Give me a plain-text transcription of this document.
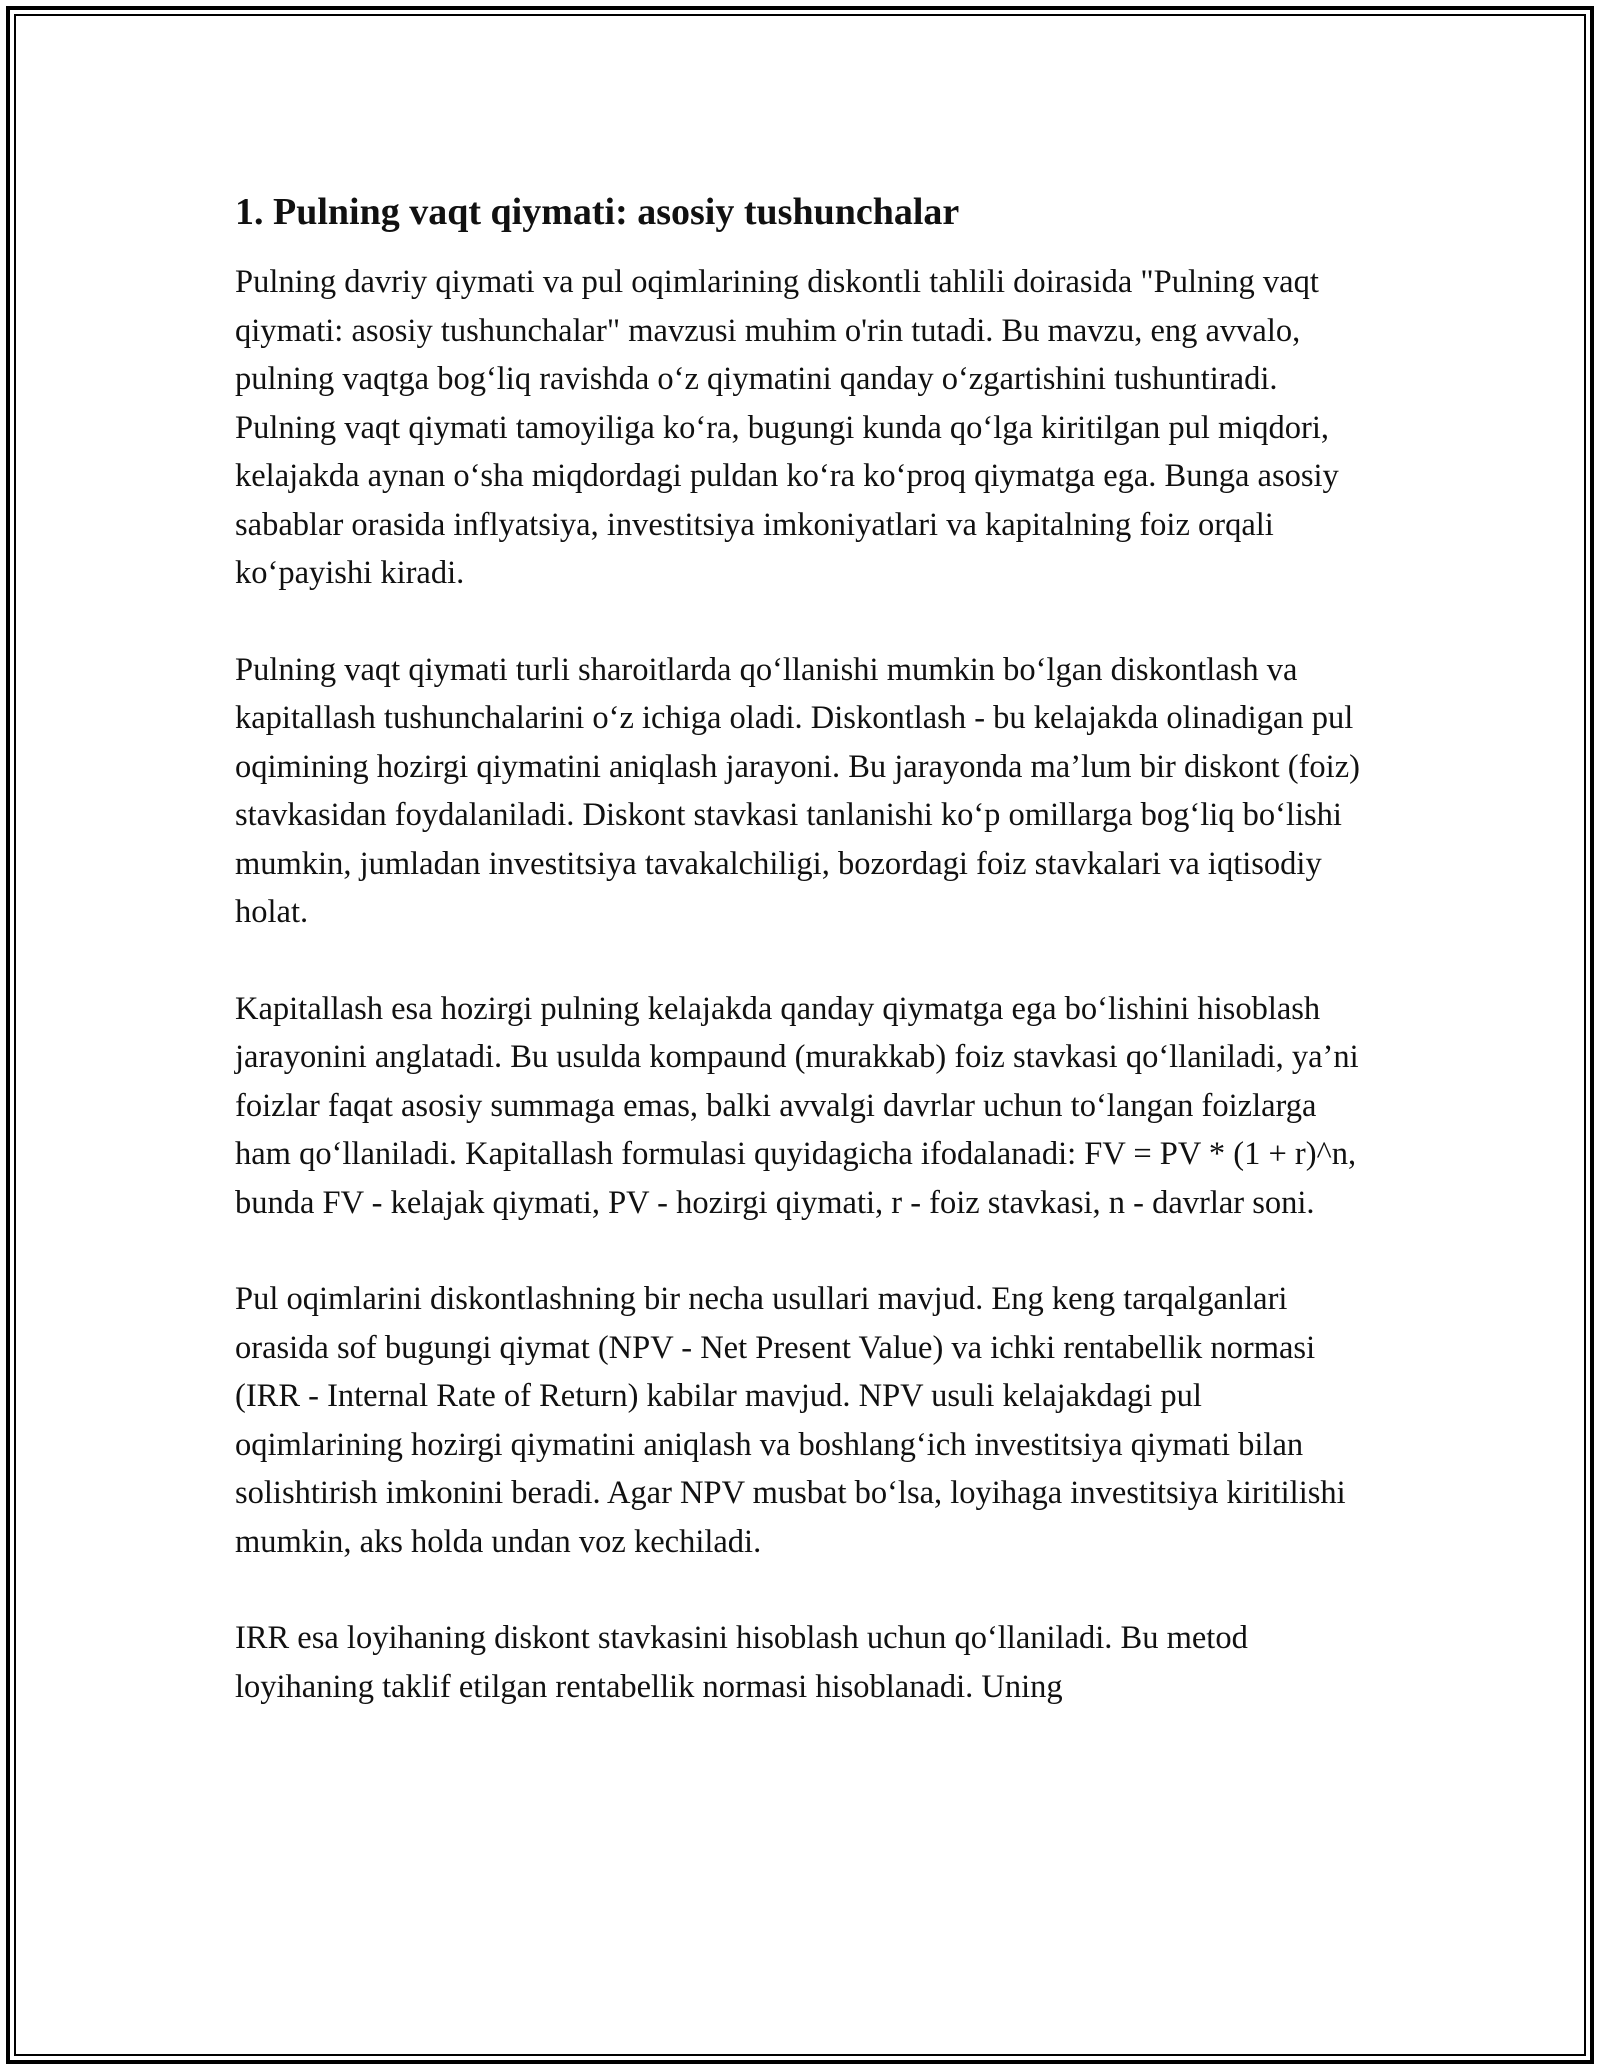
1. Pulning vaqt qiymati: asosiy tushunchalar

Pulning davriy qiymati va pul oqimlarining diskontli tahlili doirasida "Pulning vaqt qiymati: asosiy tushunchalar" mavzusi muhim o'rin tutadi. Bu mavzu, eng avvalo, pulning vaqtga bog‘liq ravishda o‘z qiymatini qanday o‘zgartishini tushuntiradi. Pulning vaqt qiymati tamoyiliga ko‘ra, bugungi kunda qo‘lga kiritilgan pul miqdori, kelajakda aynan o‘sha miqdordagi puldan ko‘ra ko‘proq qiymatga ega. Bunga asosiy sabablar orasida inflyatsiya, investitsiya imkoniyatlari va kapitalning foiz orqali ko‘payishi kiradi.

Pulning vaqt qiymati turli sharoitlarda qo‘llanishi mumkin bo‘lgan diskontlash va kapitallash tushunchalarini o‘z ichiga oladi. Diskontlash - bu kelajakda olinadigan pul oqimining hozirgi qiymatini aniqlash jarayoni. Bu jarayonda ma’lum bir diskont (foiz) stavkasidan foydalaniladi. Diskont stavkasi tanlanishi ko‘p omillarga bog‘liq bo‘lishi mumkin, jumladan investitsiya tavakalchiligi, bozordagi foiz stavkalari va iqtisodiy holat.

Kapitallash esa hozirgi pulning kelajakda qanday qiymatga ega bo‘lishini hisoblash jarayonini anglatadi. Bu usulda kompaund (murakkab) foiz stavkasi qo‘llaniladi, ya’ni foizlar faqat asosiy summaga emas, balki avvalgi davrlar uchun to‘langan foizlarga ham qo‘llaniladi. Kapitallash formulasi quyidagicha ifodalanadi: FV = PV * (1 + r)^n, bunda FV - kelajak qiymati, PV - hozirgi qiymati, r - foiz stavkasi, n - davrlar soni.

Pul oqimlarini diskontlashning bir necha usullari mavjud. Eng keng tarqalganlari orasida sof bugungi qiymat (NPV - Net Present Value) va ichki rentabellik normasi (IRR - Internal Rate of Return) kabilar mavjud. NPV usuli kelajakdagi pul oqimlarining hozirgi qiymatini aniqlash va boshlang‘ich investitsiya qiymati bilan solishtirish imkonini beradi. Agar NPV musbat bo‘lsa, loyihaga investitsiya kiritilishi mumkin, aks holda undan voz kechiladi.

IRR esa loyihaning diskont stavkasini hisoblash uchun qo‘llaniladi. Bu metod loyihaning taklif etilgan rentabellik normasi hisoblanadi. Uning
